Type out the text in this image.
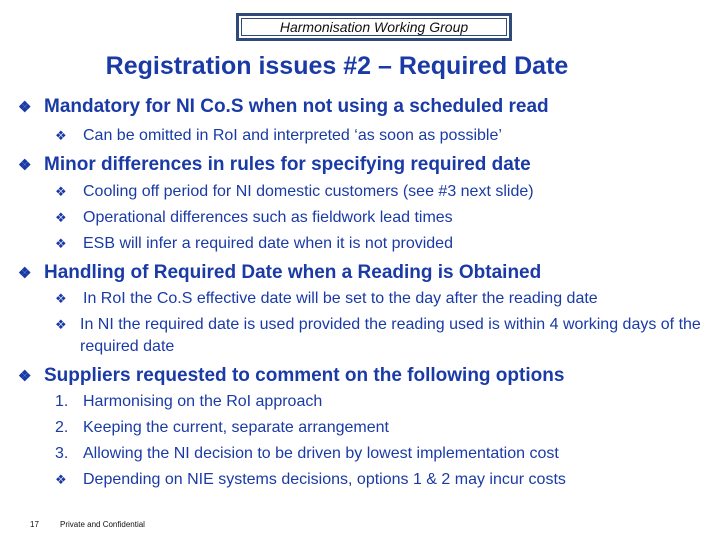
Harmonisation Working Group
Registration issues #2 – Required Date
❖ Mandatory for NI Co.S when not using a scheduled read
❖	Can be omitted in RoI and interpreted ‘as soon as possible’
❖ Minor differences in rules for specifying required date
❖	Cooling off period for NI domestic customers (see #3 next slide)
❖	Operational differences such as fieldwork lead times
❖	ESB will infer a required date when it is not provided
❖ Handling of Required Date when a Reading is Obtained
❖	In RoI the Co.S effective date will be set to the day after the reading date
❖ In NI the required date is used provided the reading used is within 4 working days of the required date
❖ Suppliers requested to comment on the following options
1. Harmonising on the RoI approach
2. Keeping the current, separate arrangement
3. Allowing the NI decision to be driven by lowest implementation cost
❖	Depending on NIE systems decisions, options 1 & 2 may incur costs
17	Private and Confidential
